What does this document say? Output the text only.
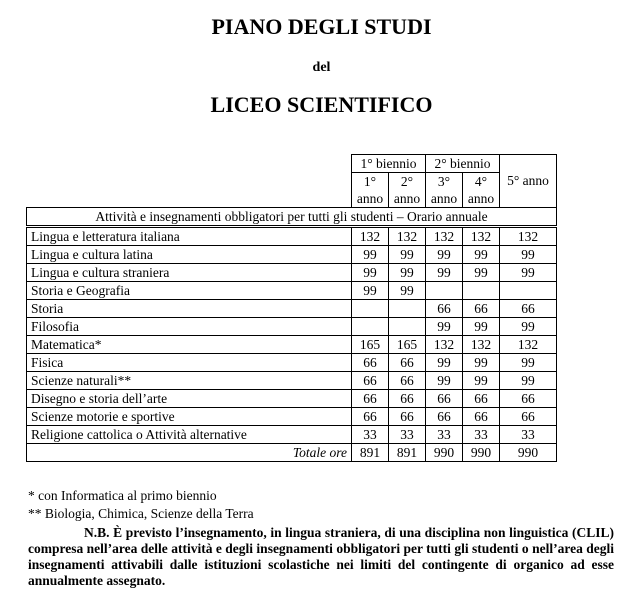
PIANO DEGLI STUDI

del

LICEO SCIENTIFICO
	1° biennio		2° biennio		5° anno
	1°	2°	3°	4°	
	anno	anno	anno	anno	
Attività e insegnamenti obbligatori per tutti gli studenti – Orario annuale					
Lingua e letteratura italiana	132	132	132	132	132
Lingua e cultura latina	99	99	99	99	99
Lingua e cultura straniera	99	99	99	99	99
Storia e Geografia	99	99			
Storia			66	66	66
Filosofia			99	99	99
Matematica*	165	165	132	132	132
Fisica	66	66	99	99	99
Scienze naturali**	66	66	99	99	99
Disegno e storia dell’arte	66	66	66	66	66
Scienze motorie e sportive	66	66	66	66	66
Religione cattolica o Attività alternative	33	33	33	33	33
Totale ore	891	891	990	990	990

* con Informatica al primo biennio

** Biologia, Chimica, Scienze della Terra

N.B. È previsto l’insegnamento, in lingua straniera, di una disciplina non linguistica (CLIL) compresa nell’area delle attività e degli insegnamenti obbligatori per tutti gli studenti o nell’area degli insegnamenti attivabili dalle istituzioni scolastiche nei limiti del contingente di organico ad esse annualmente assegnato.
